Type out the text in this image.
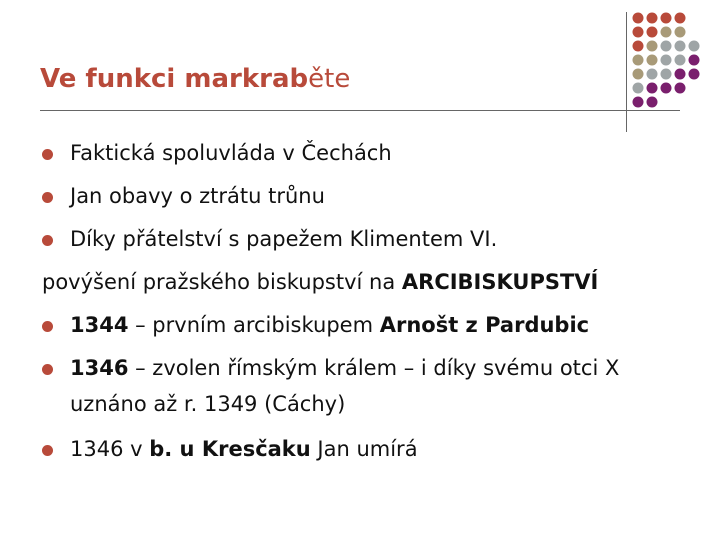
Ve funkci markraběte
Faktická spoluvláda v Čechách
Jan obavy o ztrátu trůnu
Díky přátelství s papežem Klimentem VI.
povýšení pražského biskupství na ARCIBISKUPSTVÍ
1344 – prvním arcibiskupem Arnošt z Pardubic
1346 – zvolen římským králem – i díky svému otci X
uznáno až r. 1349 (Cáchy)
1346 v b. u Kresčaku Jan umírá
